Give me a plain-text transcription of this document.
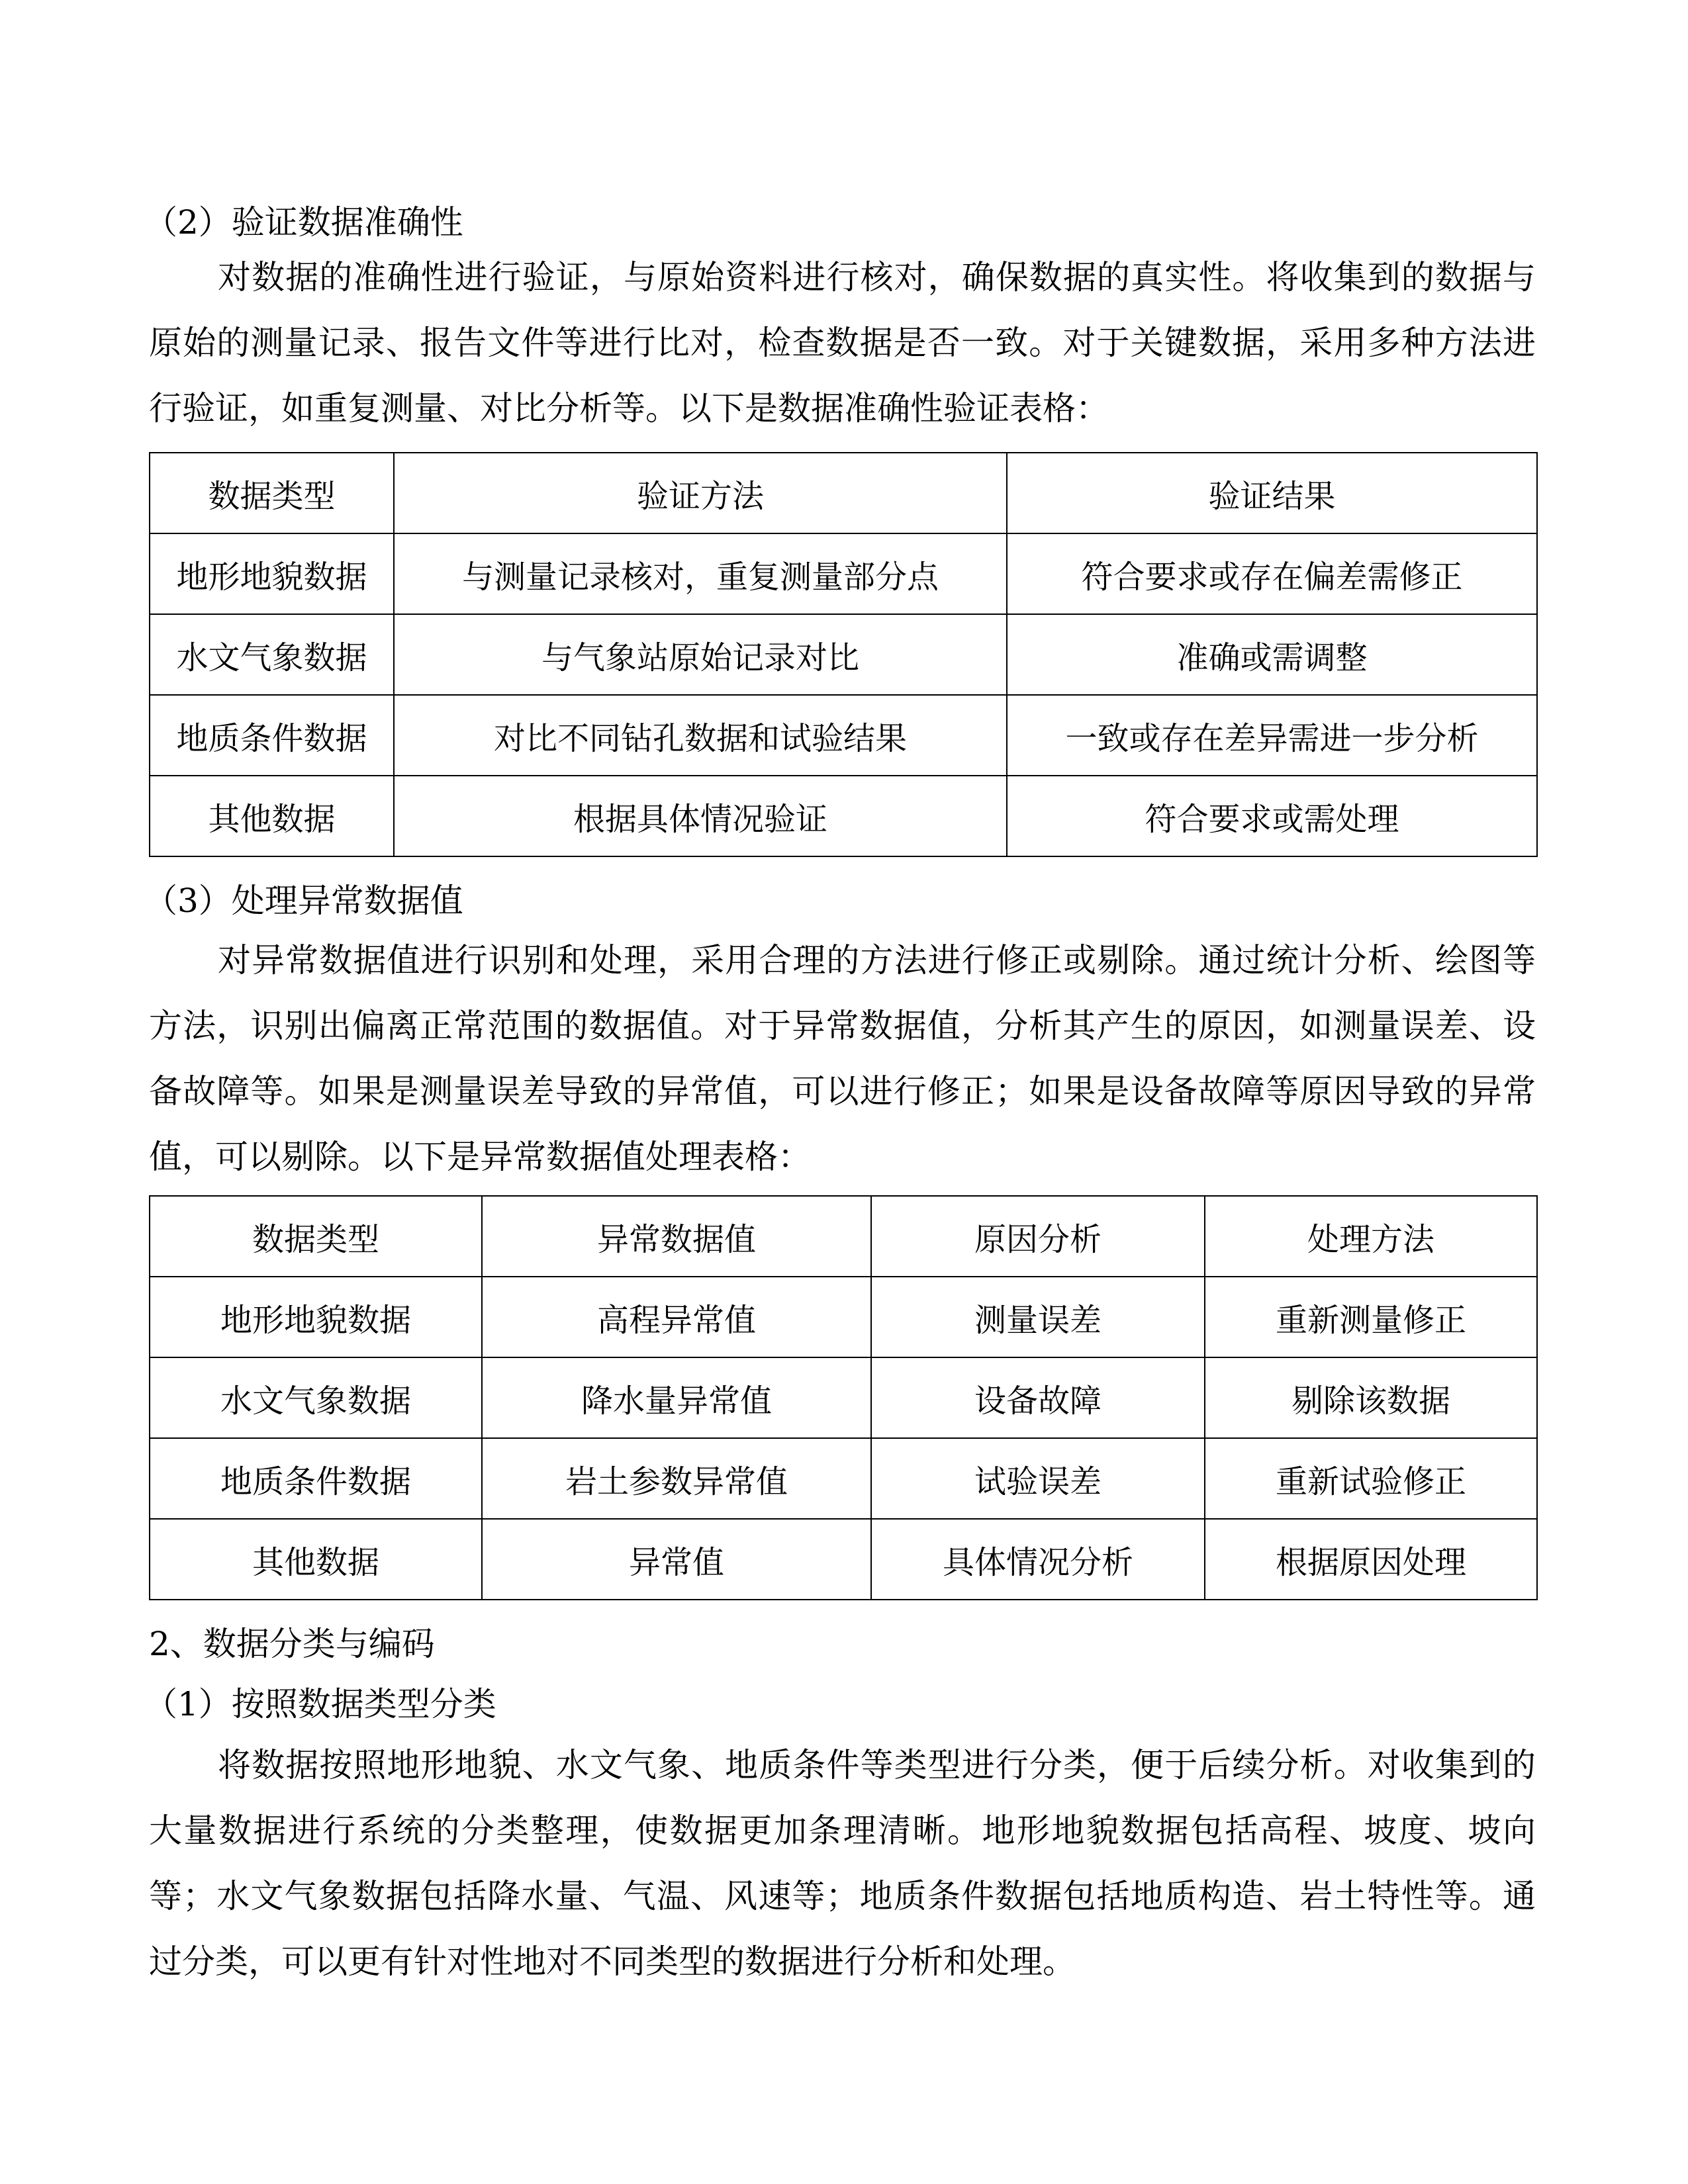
（2）验证数据准确性
对数据的准确性进行验证，与原始资料进行核对，确保数据的真实性。将收集到的数据与
原始的测量记录、报告文件等进行比对，检查数据是否一致。对于关键数据，采用多种方法进
行验证，如重复测量、对比分析等。以下是数据准确性验证表格：
数据类型	验证方法	验证结果
地形地貌数据	与测量记录核对，重复测量部分点	符合要求或存在偏差需修正
水文气象数据	与气象站原始记录对比	准确或需调整
地质条件数据	对比不同钻孔数据和试验结果	一致或存在差异需进一步分析
其他数据	根据具体情况验证	符合要求或需处理
（3）处理异常数据值
对异常数据值进行识别和处理，采用合理的方法进行修正或剔除。通过统计分析、绘图等
方法，识别出偏离正常范围的数据值。对于异常数据值，分析其产生的原因，如测量误差、设
备故障等。如果是测量误差导致的异常值，可以进行修正；如果是设备故障等原因导致的异常
值，可以剔除。以下是异常数据值处理表格：
数据类型	异常数据值	原因分析	处理方法
地形地貌数据	高程异常值	测量误差	重新测量修正
水文气象数据	降水量异常值	设备故障	剔除该数据
地质条件数据	岩土参数异常值	试验误差	重新试验修正
其他数据	异常值	具体情况分析	根据原因处理
2、数据分类与编码
（1）按照数据类型分类
将数据按照地形地貌、水文气象、地质条件等类型进行分类，便于后续分析。对收集到的
大量数据进行系统的分类整理，使数据更加条理清晰。地形地貌数据包括高程、坡度、坡向
等；水文气象数据包括降水量、气温、风速等；地质条件数据包括地质构造、岩土特性等。通
过分类，可以更有针对性地对不同类型的数据进行分析和处理。
